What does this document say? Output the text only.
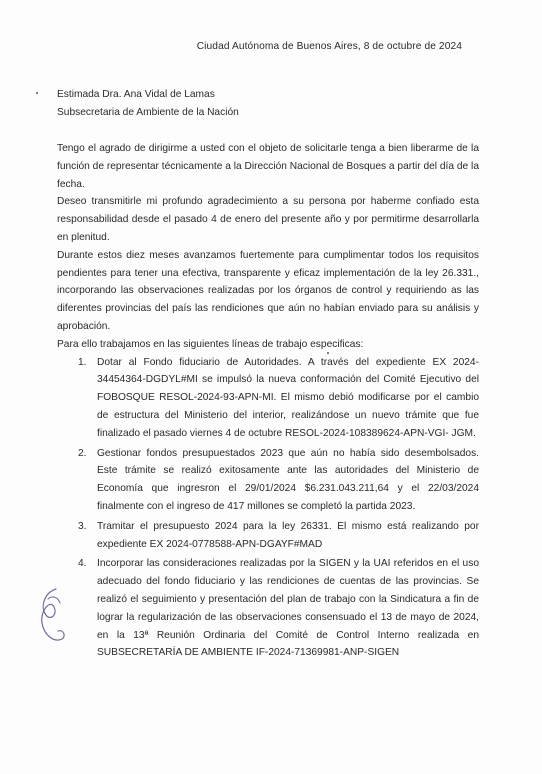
Ciudad Autónoma de Buenos Aires, 8 de octubre de 2024
Estimada Dra. Ana Vidal de Lamas
Subsecretaria de Ambiente de la Nación

Tengo el agrado de dirigirme a usted con el objeto de solicitarle tenga a bien liberarme de la función de representar técnicamente a la Dirección Nacional de Bosques a partir del día de la fecha.

Deseo transmitirle mi profundo agradecimiento a su persona por haberme confiado esta responsabilidad desde el pasado 4 de enero del presente año y por permitirme desarrollarla en plenitud.

Durante estos diez meses avanzamos fuertemente para cumplimentar todos los requisitos pendientes para tener una efectiva, transparente y eficaz implementación de la ley 26.331., incorporando las observaciones realizadas por los órganos de control y requiriendo as las diferentes provincias del país las rendiciones que aún no habían enviado para su análisis y aprobación.

Para ello trabajamos en las siguientes líneas de trabajo especificas:

1. Dotar al Fondo fiduciario de Autoridades. A través del expediente EX 2024-34454364-DGDYL#MI se impulsó la nueva conformación del Comité Ejecutivo del FOBOSQUE RESOL-2024-93-APN-MI. El mismo debió modificarse por el cambio de estructura del Ministerio del interior, realizándose un nuevo trámite que fue finalizado el pasado viernes 4 de octubre RESOL-2024-108389624-APN-VGI- JGM.
2. Gestionar fondos presupuestados 2023 que aún no había sido desembolsados. Este trámite se realizó exitosamente ante las autoridades del Ministerio de Economía que ingresron el 29/01/2024 $6.231.043.211,64 y el 22/03/2024 finalmente con el ingreso de 417 millones se completó la partida 2023.
3. Tramitar el presupuesto 2024 para la ley 26331. El mismo está realizando por expediente EX 2024-0778588-APN-DGAYF#MAD
4. Incorporar las consideraciones realizadas por la SIGEN y la UAI referidos en el uso adecuado del fondo fiduciario y las rendiciones de cuentas de las provincias. Se realizó el seguimiento y presentación del plan de trabajo con la Sindicatura a fin de lograr la regularización de las observaciones consensuado el 13 de mayo de 2024, en la 13ª Reunión Ordinaria del Comité de Control Interno realizada en SUBSECRETARÍA DE AMBIENTE IF-2024-71369981-ANP-SIGEN
